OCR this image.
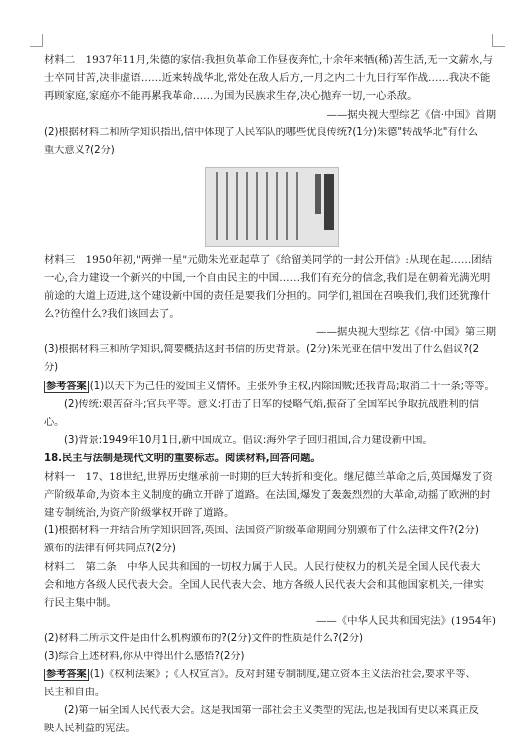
材料二　1937年11月,朱德的家信:我担负革命工作昼夜奔忙,十余年来牺(稀)苦生活,无一文薪水,与
士卒同甘苦,决非虚语……近来转战华北,常处在敌人后方,一月之内二十九日行军作战……我决不能
再顾家庭,家庭亦不能再累我革命……为国为民族求生存,决心抛弃一切,一心杀敌。
——据央视大型综艺《信·中国》首期
(2)根据材料二和所学知识指出,信中体现了人民军队的哪些优良传统?(1分)朱德"转战华北"有什么
重大意义?(2分)
材料三　1950年初,"两弹一星"元勋朱光亚起草了《给留美同学的一封公开信》:从现在起……团结
一心,合力建设一个新兴的中国,一个自由民主的中国……我们有充分的信念,我们是在朝着光满光明
前途的大道上迈进,这个建设新中国的责任是要我们分担的。同学们,祖国在召唤我们,我们还犹豫什
么?彷徨什么?我们该回去了。
——据央视大型综艺《信·中国》第三期
(3)根据材料三和所学知识,简要概括这封书信的历史背景。(2分)朱光亚在信中发出了什么倡议?(2
分)
参考答案 (1)以天下为己任的爱国主义情怀。主张外争主权,内除国贼;还我青岛;取消二十一条;等等。
(2)传统:艰苦奋斗;官兵平等。意义:打击了日军的侵略气焰,振奋了全国军民争取抗战胜利的信
心。
(3)背景:1949年10月1日,新中国成立。倡议:海外学子回归祖国,合力建设新中国。
18.民主与法制是现代文明的重要标志。阅读材料,回答问题。
材料一　17、18世纪,世界历史继承前一时期的巨大转折和变化。继尼德兰革命之后,英国爆发了资
产阶级革命,为资本主义制度的确立开辟了道路。在法国,爆发了轰轰烈烈的大革命,动摇了欧洲的封
建专制统治,为资产阶级掌权开辟了道路。
(1)根据材料一并结合所学知识回答,英国、法国资产阶级革命期间分别颁布了什么法律文件?(2分)
颁布的法律有何共同点?(2分)
材料二　第二条　中华人民共和国的一切权力属于人民。人民行使权力的机关是全国人民代表大
会和地方各级人民代表大会。全国人民代表大会、地方各级人民代表大会和其他国家机关,一律实
行民主集中制。
——《中华人民共和国宪法》(1954年)
(2)材料二所示文件是由什么机构颁布的?(2分)文件的性质是什么?(2分)
(3)综合上述材料,你从中得出什么感悟?(2分)
参考答案 (1)《权利法案》;《人权宣言》。反对封建专制制度,建立资本主义法治社会,要求平等、
民主和自由。
(2)第一届全国人民代表大会。这是我国第一部社会主义类型的宪法,也是我国有史以来真正反
映人民利益的宪法。
